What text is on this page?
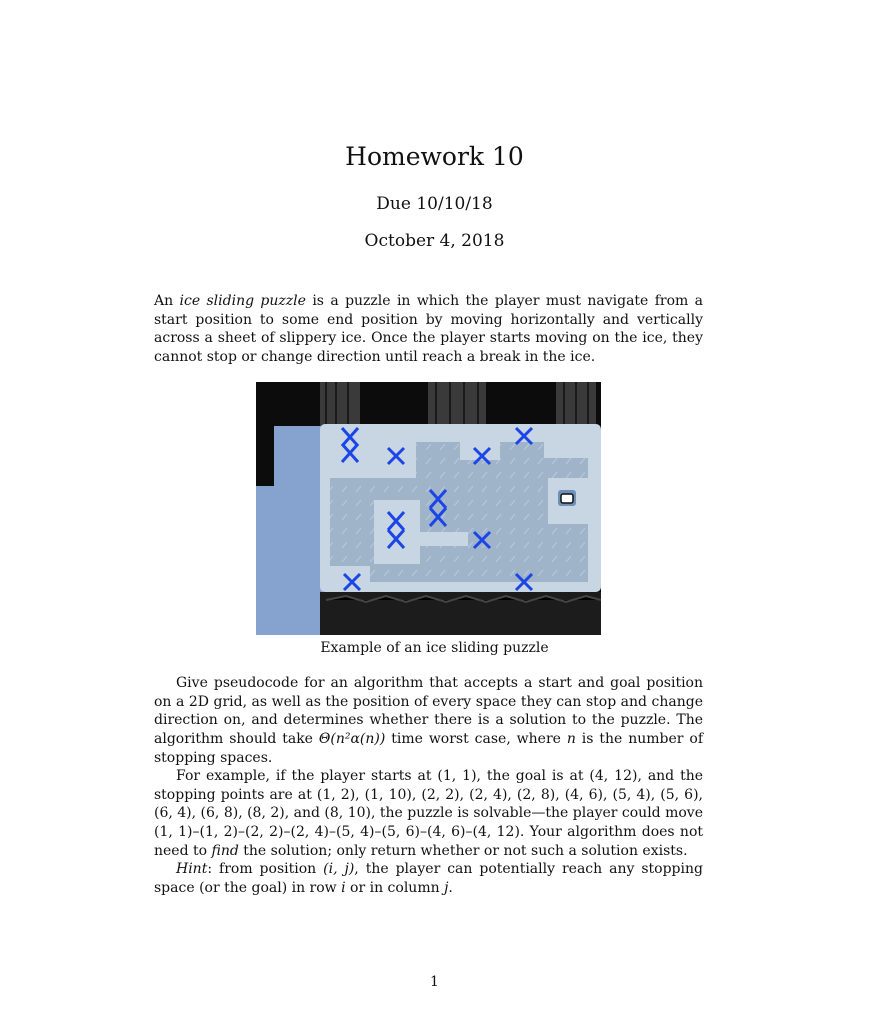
Homework 10
Due 10/10/18
October 4, 2018

An ice sliding puzzle is a puzzle in which the player must navigate from a start position to some end position by moving horizontally and vertically across a sheet of slippery ice. Once the player starts moving on the ice, they cannot stop or change direction until reach a break in the ice.

Example of an ice sliding puzzle

Give pseudocode for an algorithm that accepts a start and goal position on a 2D grid, as well as the position of every space they can stop and change direction on, and determines whether there is a solution to the puzzle. The algorithm should take Θ(n²α(n)) time worst case, where n is the number of stopping spaces.

For example, if the player starts at (1, 1), the goal is at (4, 12), and the stopping points are at (1, 2), (1, 10), (2, 2), (2, 4), (2, 8), (4, 6), (5, 4), (5, 6), (6, 4), (6, 8), (8, 2), and (8, 10), the puzzle is solvable—the player could move (1, 1)–(1, 2)–(2, 2)–(2, 4)–(5, 4)–(5, 6)–(4, 6)–(4, 12). Your algorithm does not need to find the solution; only return whether or not such a solution exists.

Hint: from position (i, j), the player can potentially reach any stopping space (or the goal) in row i or in column j.

1
